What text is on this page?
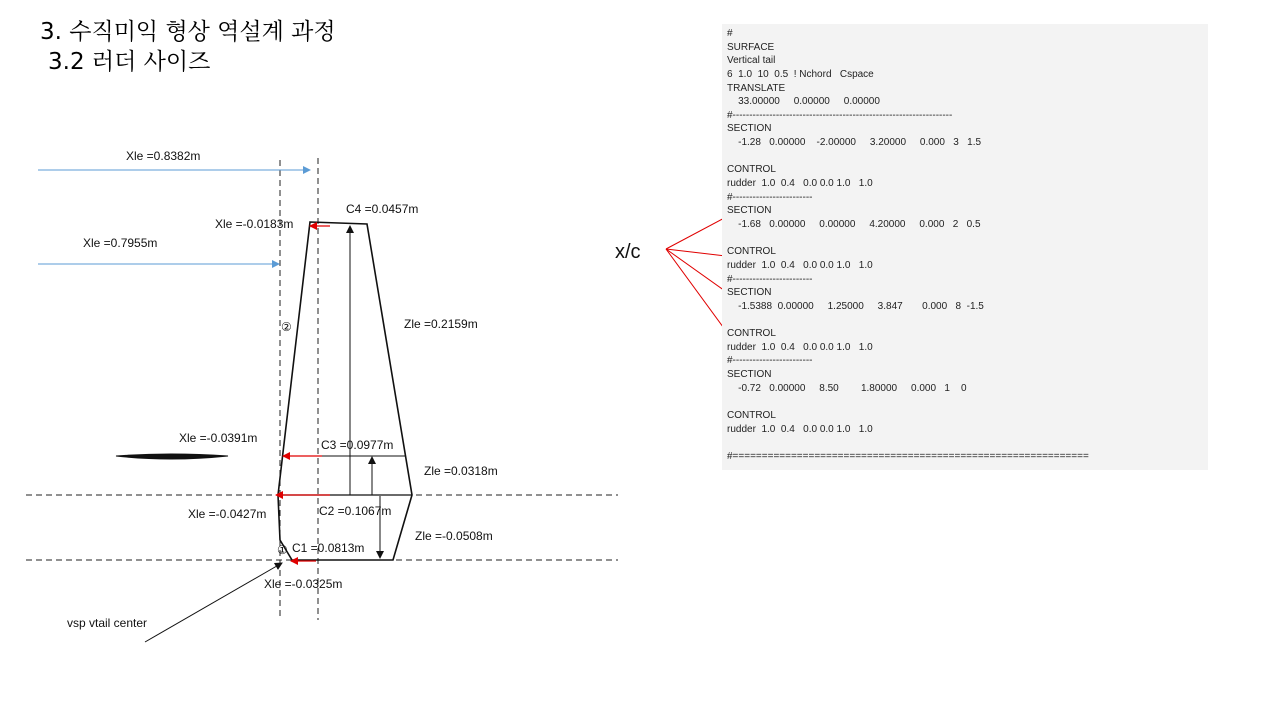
3. 수직미익 형상 역설계 과정
3.2 러더 사이즈
Xle =0.8382m
C4 =0.0457m
Xle =-0.0183m
Xle =0.7955m
②	Zle =0.2159m
Xle =-0.0391m	C3 =0.0977m
Zle =0.0318m
Xle =-0.0427m	C2 =0.1067m
Zle =-0.0508m
① C1 =0.0813m
Xle =-0.0325m
vsp vtail center
x/c
#
SURFACE
Vertical tail
6  1.0  10  0.5  ! Nchord   Cspace
TRANSLATE
33.00000     0.00000     0.00000
#------------------------------------------------------------------
SECTION
-1.28   0.00000    -2.00000     3.20000     0.000   3   1.5
CONTROL
rudder  1.0  0.4   0.0 0.0 1.0   1.0
#------------------------
SECTION
-1.68   0.00000     0.00000     4.20000     0.000   2   0.5
CONTROL
rudder  1.0  0.4   0.0 0.0 1.0   1.0
#------------------------
SECTION
-1.5388  0.00000     1.25000     3.847       0.000   8  -1.5
CONTROL
rudder  1.0  0.4   0.0 0.0 1.0   1.0
#------------------------
SECTION
-0.72   0.00000     8.50        1.80000     0.000   1    0
CONTROL
rudder  1.0  0.4   0.0 0.0 1.0   1.0
#=============================================================
